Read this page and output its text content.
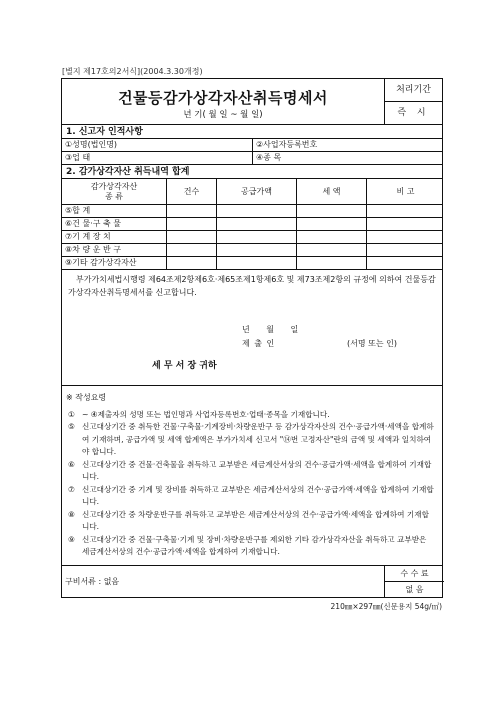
[별지 제17호의2서식](2004.3.30개정)
건물등감가상각자산취득명세서
년 기( 월 일 ~ 월 일)
처리기간
즉 시
1. 신고자 인적사항
①성명(법인명)	②사업자등록번호
③업 태	④종 목
2. 감가상각자산 취득내역 합계
감가상각자산
종 류
건수	공급가액	세 액	비 고
⑤합 계
⑥건 물·구 축 물
⑦기 계 장 치
⑧차 량 운 반 구
⑨기타 감가상각자산
부가가치세법시행령 제64조제2항제6호·제65조제1항제6호 및 제73조제2항의 규정에 의하여 건물등감가상각자산취득명세서를 신고합니다.
년 월 일
제 출 인	(서명 또는 인)
세 무 서 장 귀하
※ 작성요령
① ~ ④제출자의 성명 또는 법인명과 사업자등록번호·업태·종목을 기재합니다.
⑤ 신고대상기간 중 취득한 건물·구축물·기계장비·차량운반구 등 감가상각자산의 건수·공급가액·세액을 합계하여 기재하며, 공급가액 및 세액 합계액은 부가가치세 신고서 "⑭번 고정자산"란의 금액 및 세액과 일치하여야 합니다.
⑥ 신고대상기간 중 건물·건축물을 취득하고 교부받은 세금계산서상의 건수·공급가액·세액을 합계하여 기재합니다.
⑦ 신고대상기간 중 기계 및 장비를 취득하고 교부받은 세금계산서상의 건수·공급가액·세액을 합계하여 기재합니다.
⑧ 신고대상기간 중 차량운반구를 취득하고 교부받은 세금계산서상의 건수·공급가액·세액을 합계하여 기재합니다.
⑨ 신고대상기간 중 건물·구축물·기계 및 장비·차량운반구를 제외한 기타 감가상각자산을 취득하고 교부받은 세금계산서상의 건수·공급가액·세액을 합계하여 기재합니다.
구비서류 : 없음
수 수 료
없 음
210㎜×297㎜(신문용지 54g/㎡)
